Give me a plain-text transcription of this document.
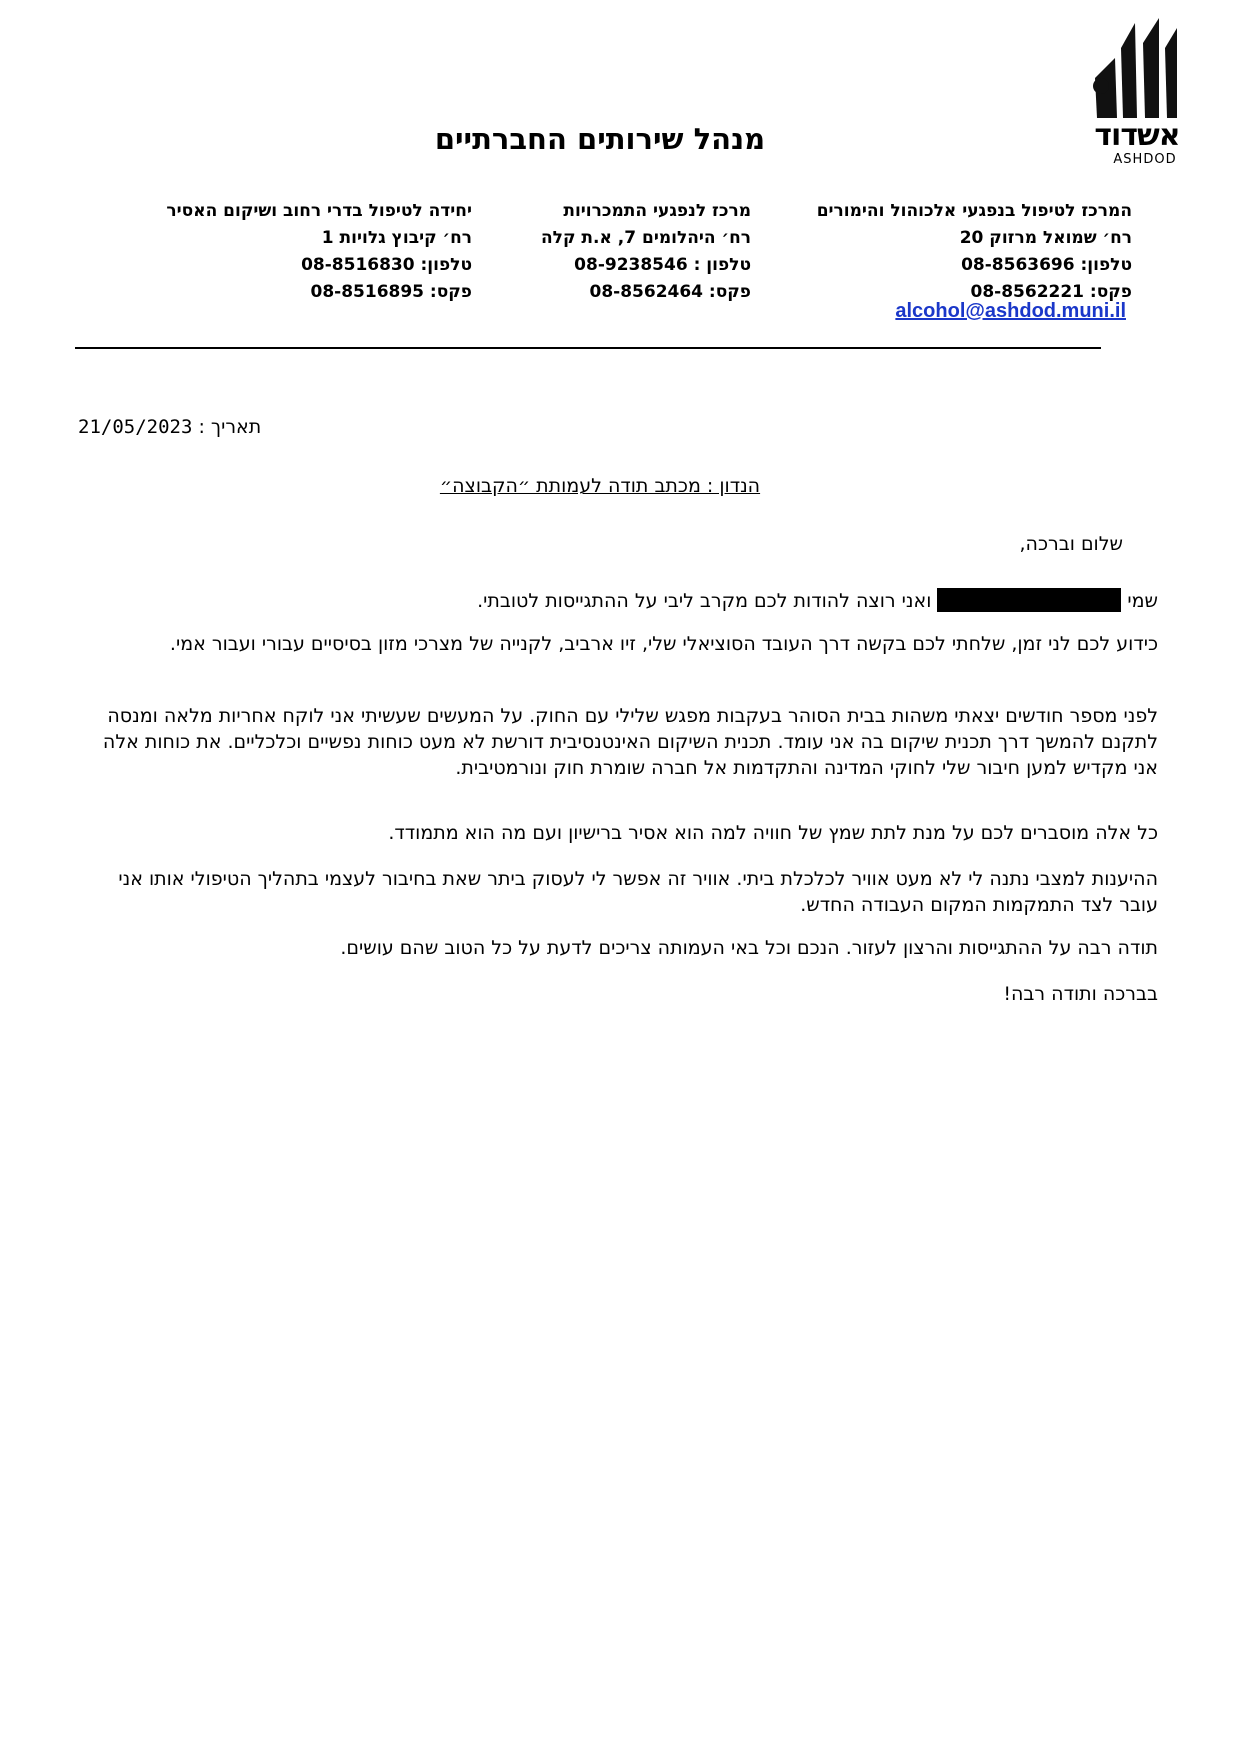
אשדוד
ASHDOD
מנהל שירותים החברתיים
המרכז לטיפול בנפגעי אלכוהול והימורים
רח׳ שמואל מרזוק 20
טלפון: 08-8563696
פקס: 08-8562221
מרכז לנפגעי התמכרויות
רח׳ היהלומים 7, א.ת קלה
טלפון : 08-9238546
פקס: 08-8562464
יחידה לטיפול בדרי רחוב ושיקום האסיר
רח׳ קיבוץ גלויות 1
טלפון: 08-8516830
פקס: 08-8516895
alcohol@ashdod.muni.il
תאריך : 21/05/2023
הנדון : מכתב תודה לעמותת ״הקבוצה״
שלום וברכה,
שמיואני רוצה להודות לכם מקרב ליבי על ההתגייסות לטובתי.
כידוע לכם לני זמן, שלחתי לכם בקשה דרך העובד הסוציאלי שלי, זיו ארביב, לקנייה של מצרכי מזון בסיסיים עבורי ועבור אמי.
לפני מספר חודשים יצאתי משהות בבית הסוהר בעקבות מפגש שלילי עם החוק. על המעשים שעשיתי אני לוקח אחריות מלאה ומנסה לתקנם להמשך דרך תכנית שיקום בה אני עומד. תכנית השיקום האינטנסיבית דורשת לא מעט כוחות נפשיים וכלכליים. את כוחות אלה אני מקדיש למען חיבור שלי לחוקי המדינה והתקדמות אל חברה שומרת חוק ונורמטיבית.
כל אלה מוסברים לכם על מנת לתת שמץ של חוויה למה הוא אסיר ברישיון ועם מה הוא מתמודד.
ההיענות למצבי נתנה לי לא מעט אוויר לכלכלת ביתי. אוויר זה אפשר לי לעסוק ביתר שאת בחיבור לעצמי בתהליך הטיפולי אותו אני עובר לצד התמקמות המקום העבודה החדש.
תודה רבה על ההתגייסות והרצון לעזור. הנכם וכל באי העמותה צריכים לדעת על כל הטוב שהם עושים.
בברכה ותודה רבה!
